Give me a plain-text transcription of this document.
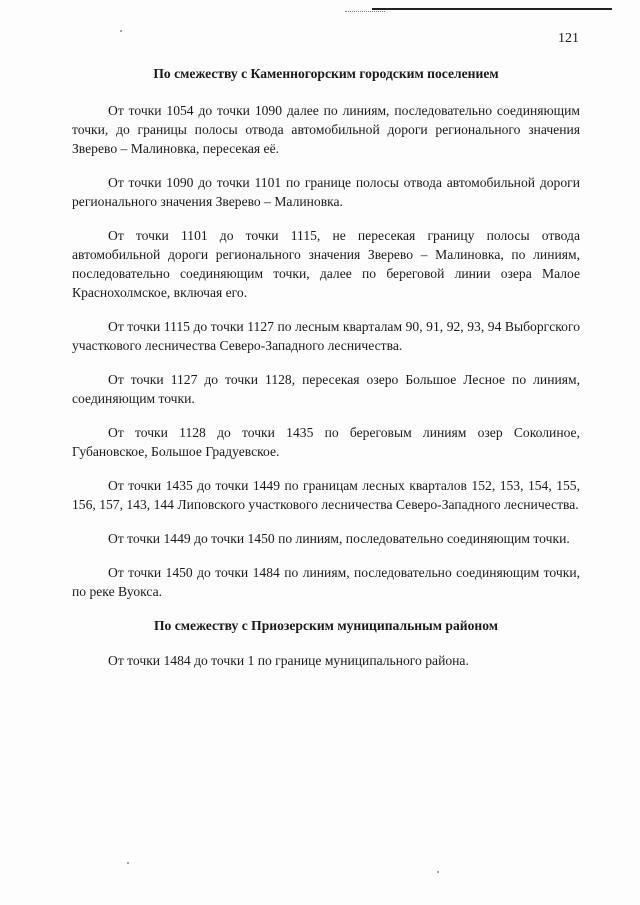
121
По смежеству с Каменногорским городским поселением

От точки 1054 до точки 1090 далее по линиям, последовательно соединяющим точки, до границы полосы отвода автомобильной дороги регионального значения Зверево – Малиновка, пересекая её.

От точки 1090 до точки 1101 по границе полосы отвода автомобильной дороги регионального значения Зверево – Малиновка.

От точки 1101 до точки 1115, не пересекая границу полосы отвода автомобильной дороги регионального значения Зверево – Малиновка, по линиям, последовательно соединяющим точки, далее по береговой линии озера Малое Краснохолмское, включая его.

От точки 1115 до точки 1127 по лесным кварталам 90, 91, 92, 93, 94 Выборгского участкового лесничества Северо-Западного лесничества.

От точки 1127 до точки 1128, пересекая озеро Большое Лесное по линиям, соединяющим точки.

От точки 1128 до точки 1435 по береговым линиям озер Соколиное, Губановское, Большое Градуевское.

От точки 1435 до точки 1449 по границам лесных кварталов 152, 153, 154, 155, 156, 157, 143, 144 Липовского участкового лесничества Северо-Западного лесничества.

От точки 1449 до точки 1450 по линиям, последовательно соединяющим точки.

От точки 1450 до точки 1484 по линиям, последовательно соединяющим точки, по реке Вуокса.

По смежеству с Приозерским муниципальным районом

От точки 1484 до точки 1 по границе муниципального района.
